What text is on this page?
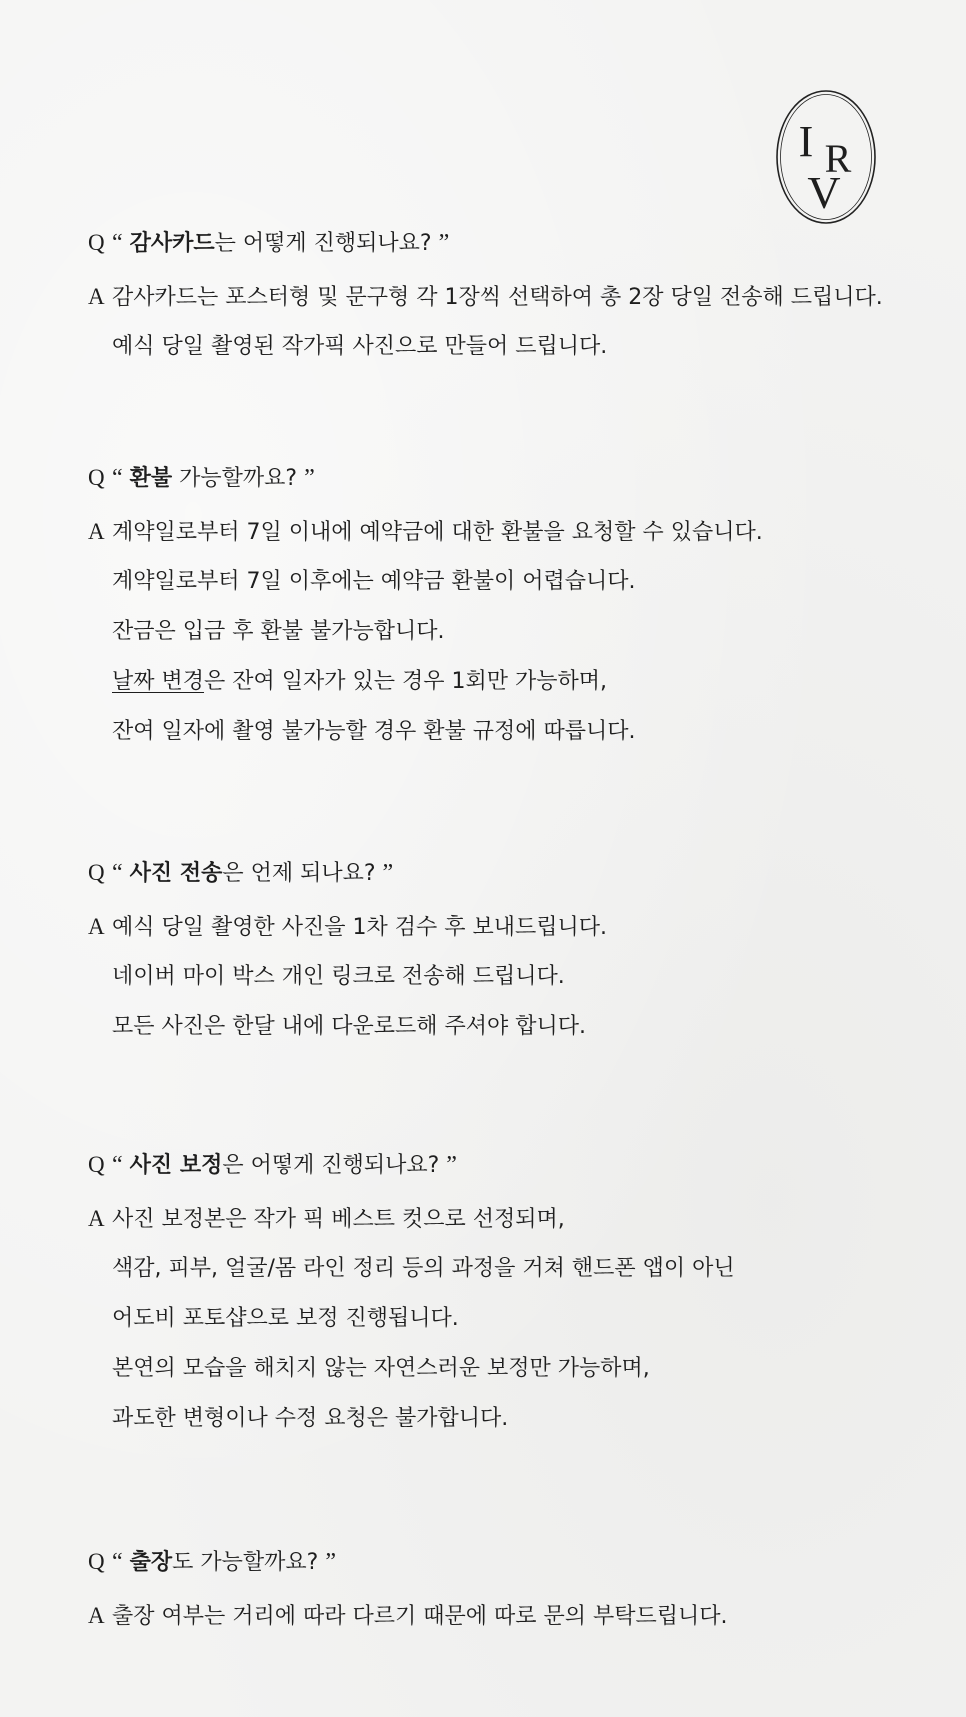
I R
V
Q “ 감사카드는 어떻게 진행되나요? ”
A 감사카드는 포스터형 및 문구형 각 1장씩 선택하여 총 2장 당일 전송해 드립니다.
예식 당일 촬영된 작가픽 사진으로 만들어 드립니다.
Q “ 환불 가능할까요? ”
A 계약일로부터 7일 이내에 예약금에 대한 환불을 요청할 수 있습니다.
계약일로부터 7일 이후에는 예약금 환불이 어렵습니다.
잔금은 입금 후 환불 불가능합니다.
날짜 변경은 잔여 일자가 있는 경우 1회만 가능하며,
잔여 일자에 촬영 불가능할 경우 환불 규정에 따릅니다.
Q “ 사진 전송은 언제 되나요? ”
A 예식 당일 촬영한 사진을 1차 검수 후 보내드립니다.
네이버 마이 박스 개인 링크로 전송해 드립니다.
모든 사진은 한달 내에 다운로드해 주셔야 합니다.
Q “ 사진 보정은 어떻게 진행되나요? ”
A 사진 보정본은 작가 픽 베스트 컷으로 선정되며,
색감, 피부, 얼굴/몸 라인 정리 등의 과정을 거쳐 핸드폰 앱이 아닌
어도비 포토샵으로 보정 진행됩니다.
본연의 모습을 해치지 않는 자연스러운 보정만 가능하며,
과도한 변형이나 수정 요청은 불가합니다.
Q “ 출장도 가능할까요? ”
A 출장 여부는 거리에 따라 다르기 때문에 따로 문의 부탁드립니다.
